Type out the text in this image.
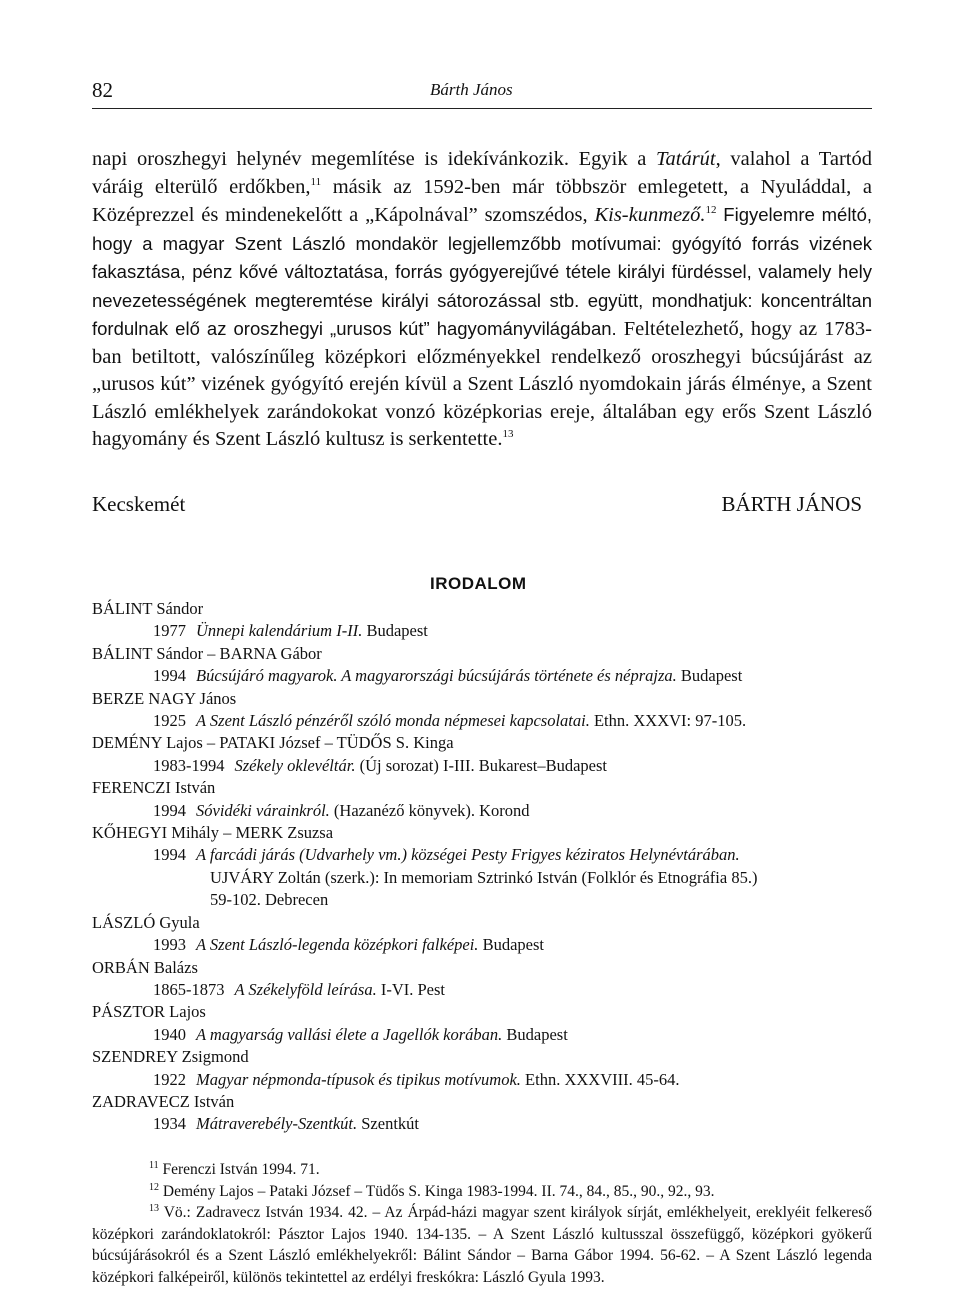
82	Bárth János

napi oroszhegyi helynév megemlítése is idekívánkozik. Egyik a Tatárút, valahol a Tartód váráig elterülő erdőkben,$^{11}$ másik az 1592-ben már többször emlegetett, a Nyuláddal, a Középrezzel és mindenekelőtt a „Kápolnával” szomszédos, Kis-kunmező.$^{12}$ Figyelemre méltó, hogy a magyar Szent László mondakör legjellemzőbb motívumai: gyógyító forrás vizének fakasztása, pénz kővé változtatása, forrás gyógyerejűvé tétele királyi fürdéssel, valamely hely nevezetességének megteremtése királyi sátorozással stb. együtt, mondhatjuk: koncentráltan fordulnak elő az oroszhegyi „urusos kút” hagyományvilágában. Feltételezhető, hogy az 1783-ban betiltott, valószínűleg középkori előzményekkel rendelkező oroszhegyi búcsújárást az „urusos kút” vizének gyógyító erején kívül a Szent László nyomdokain járás élménye, a Szent László emlékhelyek zarándokokat vonzó középkorias ereje, általában egy erős Szent László hagyomány és Szent László kultusz is serkentette.$^{13}$

Kecskemét	BÁRTH JÁNOS
IRODALOM
BÁLINT Sándor
1977 Ünnepi kalendárium I-II. Budapest
BÁLINT Sándor – BARNA Gábor
1994 Búcsújáró magyarok. A magyarországi búcsújárás története és néprajza. Budapest
BERZE NAGY János
1925 A Szent László pénzéről szóló monda népmesei kapcsolatai. Ethn. XXXVI: 97-105.
DEMÉNY Lajos – PATAKI József – TÜDŐS S. Kinga
1983-1994 Székely oklevéltár. (Új sorozat) I-III. Bukarest–Budapest
FERENCZI István
1994 Sóvidéki várainkról. (Hazanéző könyvek). Korond
KŐHEGYI Mihály – MERK Zsuzsa
1994 A farcádi járás (Udvarhely vm.) községei Pesty Frigyes kéziratos Helynévtárában.
UJVÁRY Zoltán (szerk.): In memoriam Sztrinkó István (Folklór és Etnográfia 85.)
59-102. Debrecen
LÁSZLÓ Gyula
1993 A Szent László-legenda középkori falképei. Budapest
ORBÁN Balázs
1865-1873 A Székelyföld leírása. I-VI. Pest
PÁSZTOR Lajos
1940 A magyarság vallási élete a Jagellók korában. Budapest
SZENDREY Zsigmond
1922 Magyar népmonda-típusok és tipikus motívumok. Ethn. XXXVIII. 45-64.
ZADRAVECZ István
1934 Mátraverebély-Szentkút. Szentkút
$^{11}$ Ferenczi István 1994. 71.
$^{12}$ Demény Lajos – Pataki József – Tüdős S. Kinga 1983-1994. II. 74., 84., 85., 90., 92., 93.
$^{13}$ Vö.: Zadravecz István 1934. 42. – Az Árpád-házi magyar szent királyok sírját, emlékhelyeit, ereklyéit felkereső középkori zarándoklatokról: Pásztor Lajos 1940. 134-135. – A Szent László kultusszal összefüggő, középkori gyökerű búcsújárásokról és a Szent László emlékhelyekről: Bálint Sándor – Barna Gábor 1994. 56-62. – A Szent László legenda középkori falképeiről, különös tekintettel az erdélyi freskókra: László Gyula 1993.
